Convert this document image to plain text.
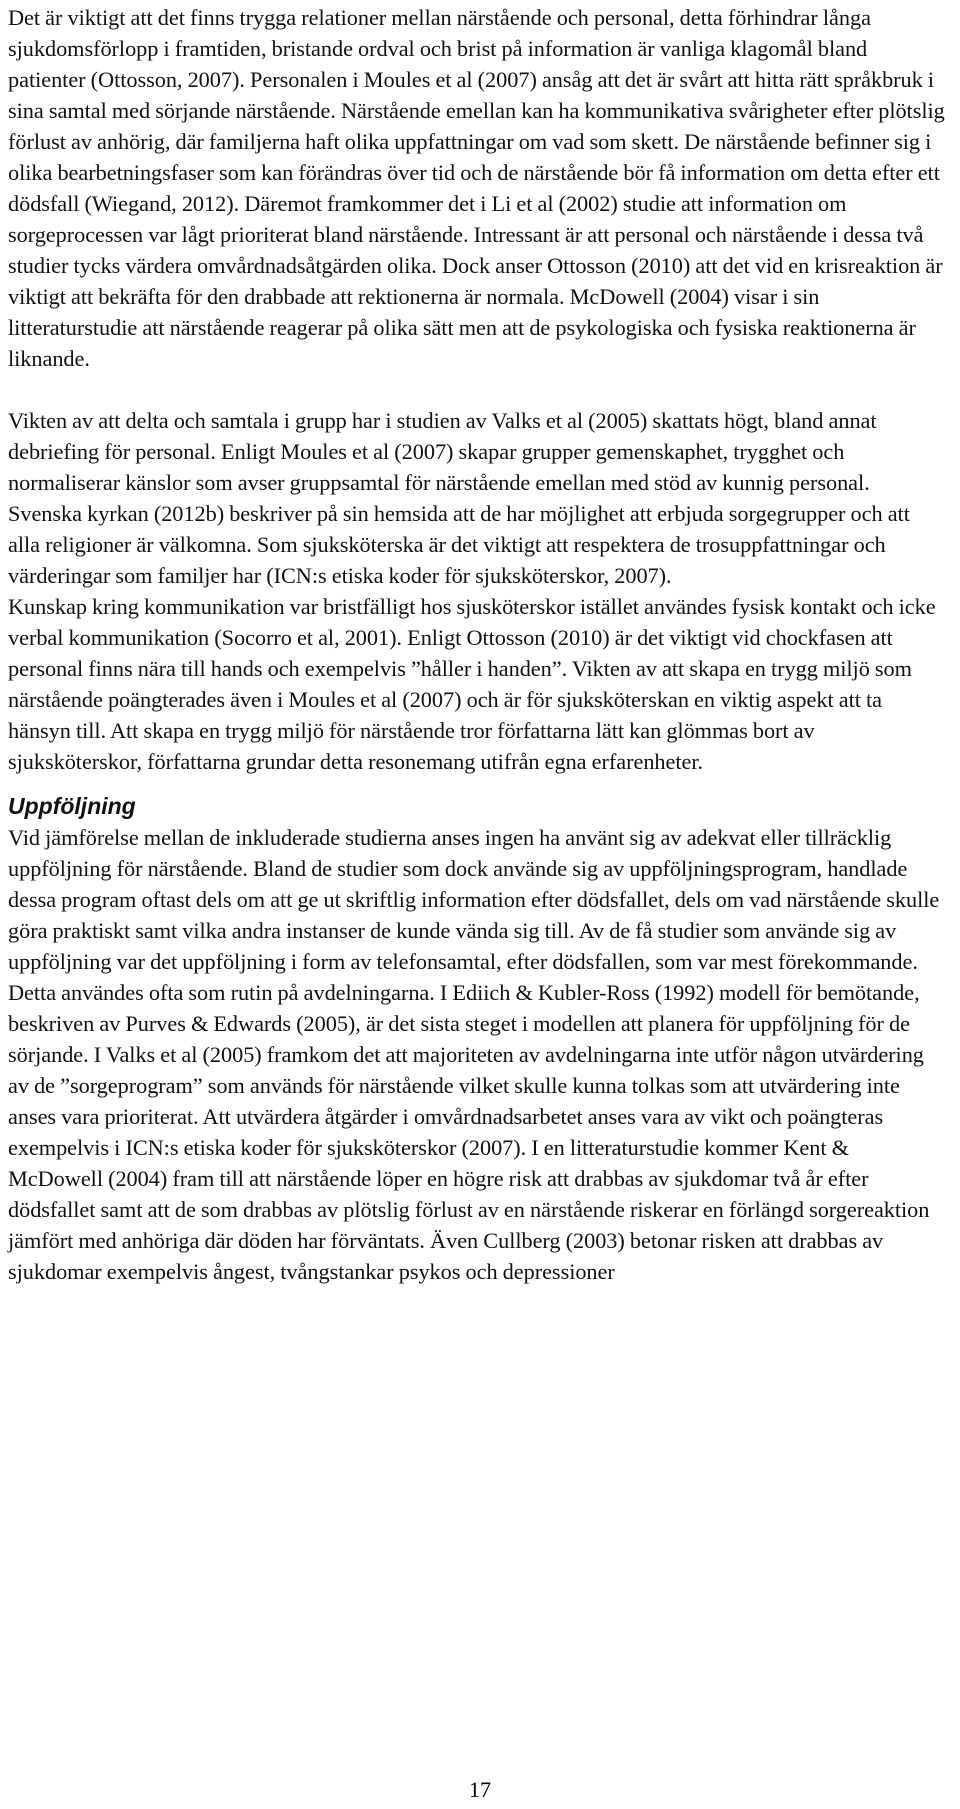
Det är viktigt att det finns trygga relationer mellan närstående och personal, detta förhindrar långa sjukdomsförlopp i framtiden, bristande ordval och brist på information är vanliga klagomål bland patienter (Ottosson, 2007). Personalen i Moules et al (2007) ansåg att det är svårt att hitta rätt språkbruk i sina samtal med sörjande närstående. Närstående emellan kan ha kommunikativa svårigheter efter plötslig förlust av anhörig, där familjerna haft olika uppfattningar om vad som skett. De närstående befinner sig i olika bearbetningsfaser som kan förändras över tid och de närstående bör få information om detta efter ett dödsfall (Wiegand, 2012). Däremot framkommer det i Li et al (2002) studie att information om sorgeprocessen var lågt prioriterat bland närstående. Intressant är att personal och närstående i dessa två studier tycks värdera omvårdnadsåtgärden olika. Dock anser Ottosson (2010) att det vid en krisreaktion är viktigt att bekräfta för den drabbade att rektionerna är normala. McDowell (2004) visar i sin litteraturstudie att närstående reagerar på olika sätt men att de psykologiska och fysiska reaktionerna är liknande.

Vikten av att delta och samtala i grupp har i studien av Valks et al (2005) skattats högt, bland annat debriefing för personal. Enligt Moules et al (2007) skapar grupper gemenskaphet, trygghet och normaliserar känslor som avser gruppsamtal för närstående emellan med stöd av kunnig personal. Svenska kyrkan (2012b) beskriver på sin hemsida att de har möjlighet att erbjuda sorgegrupper och att alla religioner är välkomna. Som sjuksköterska är det viktigt att respektera de trosuppfattningar och värderingar som familjer har (ICN:s etiska koder för sjuksköterskor, 2007).

Kunskap kring kommunikation var bristfälligt hos sjusköterskor istället användes fysisk kontakt och icke verbal kommunikation (Socorro et al, 2001). Enligt Ottosson (2010) är det viktigt vid chockfasen att personal finns nära till hands och exempelvis ”håller i handen”. Vikten av att skapa en trygg miljö som närstående poängterades även i Moules et al (2007) och är för sjuksköterskan en viktig aspekt att ta hänsyn till. Att skapa en trygg miljö för närstående tror författarna lätt kan glömmas bort av sjuksköterskor, författarna grundar detta resonemang utifrån egna erfarenheter.

Uppföljning

Vid jämförelse mellan de inkluderade studierna anses ingen ha använt sig av adekvat eller tillräcklig uppföljning för närstående. Bland de studier som dock använde sig av uppföljningsprogram, handlade dessa program oftast dels om att ge ut skriftlig information efter dödsfallet, dels om vad närstående skulle göra praktiskt samt vilka andra instanser de kunde vända sig till. Av de få studier som använde sig av uppföljning var det uppföljning i form av telefonsamtal, efter dödsfallen, som var mest förekommande. Detta användes ofta som rutin på avdelningarna. I Ediich & Kubler-Ross (1992) modell för bemötande, beskriven av Purves & Edwards (2005), är det sista steget i modellen att planera för uppföljning för de sörjande. I Valks et al (2005) framkom det att majoriteten av avdelningarna inte utför någon utvärdering av de ”sorgeprogram” som används för närstående vilket skulle kunna tolkas som att utvärdering inte anses vara prioriterat. Att utvärdera åtgärder i omvårdnadsarbetet anses vara av vikt och poängteras exempelvis i ICN:s etiska koder för sjuksköterskor (2007). I en litteraturstudie kommer Kent & McDowell (2004) fram till att närstående löper en högre risk att drabbas av sjukdomar två år efter dödsfallet samt att de som drabbas av plötslig förlust av en närstående riskerar en förlängd sorgereaktion jämfört med anhöriga där döden har förväntats. Även Cullberg (2003) betonar risken att drabbas av sjukdomar exempelvis ångest, tvångstankar psykos och depressioner

17
